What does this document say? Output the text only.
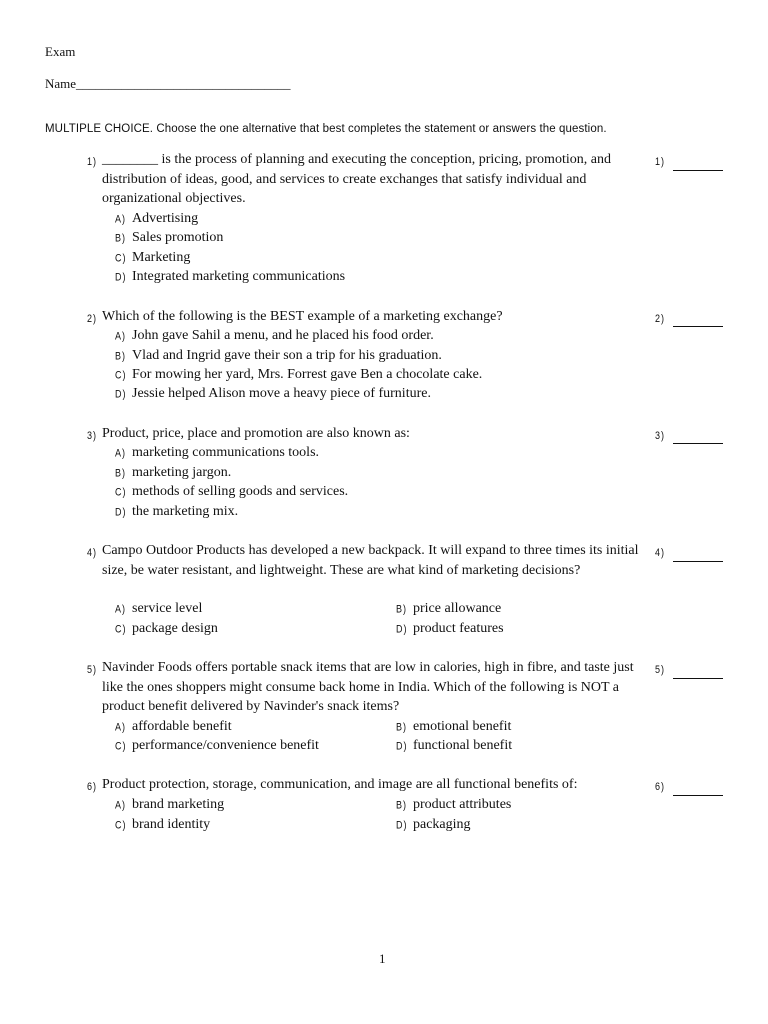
Exam
Name_________________________________
MULTIPLE CHOICE. Choose the one alternative that best completes the statement or answers the question.
1) ________ is the process of planning and executing the conception, pricing, promotion, and distribution of ideas, good, and services to create exchanges that satisfy individual and organizational objectives.
1)
A) Advertising
B) Sales promotion
C) Marketing
D) Integrated marketing communications
2) Which of the following is the BEST example of a marketing exchange?	2)
A) John gave Sahil a menu, and he placed his food order.
B) Vlad and Ingrid gave their son a trip for his graduation.
C) For mowing her yard, Mrs. Forrest gave Ben a chocolate cake.
D) Jessie helped Alison move a heavy piece of furniture.
3) Product, price, place and promotion are also known as:	3)
A) marketing communications tools.
B) marketing jargon.
C) methods of selling goods and services.
D) the marketing mix.
4) Campo Outdoor Products has developed a new backpack. It will expand to three times its initial size, be water resistant, and lightweight. These are what kind of marketing decisions?
4)
A) service level	B) price allowance
C) package design	D) product features
5) Navinder Foods offers portable snack items that are low in calories, high in fibre, and taste just like the ones shoppers might consume back home in India. Which of the following is NOT a product benefit delivered by Navinder's snack items?
5)
A) affordable benefit	B) emotional benefit
C) performance/convenience benefit	D) functional benefit
6) Product protection, storage, communication, and image are all functional benefits of:	6)
A) brand marketing	B) product attributes
C) brand identity	D) packaging
1
